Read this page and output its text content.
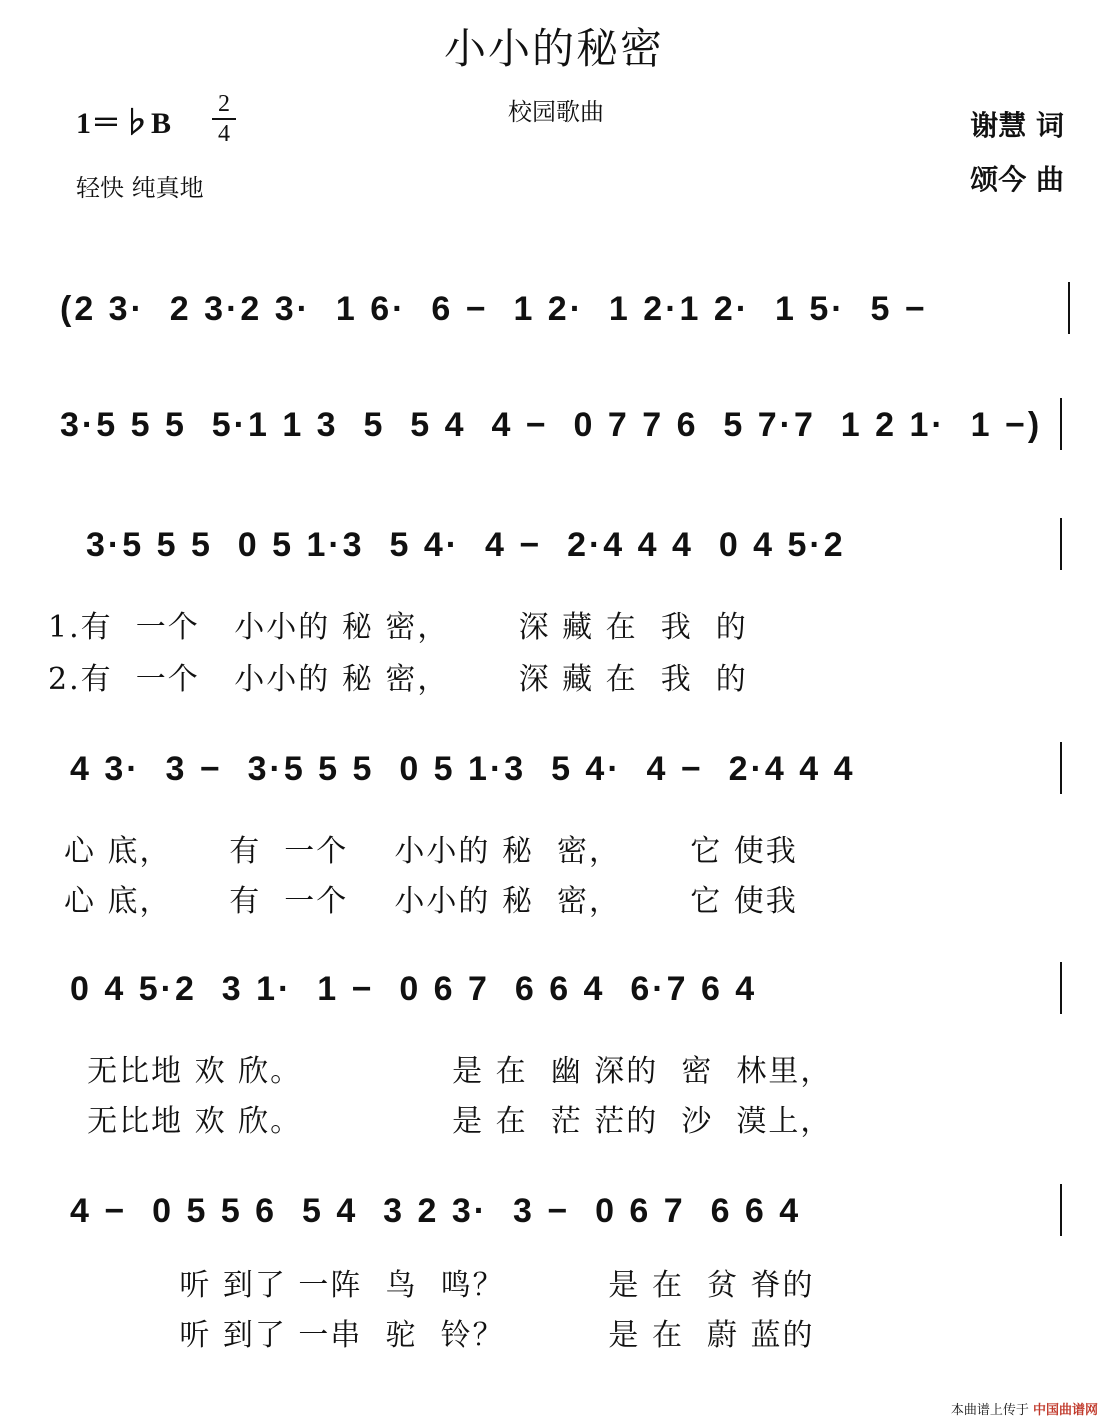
小小的秘密
校园歌曲
1＝♭B
2
4
轻快 纯真地
谢慧 词
颂今 曲
(2 3·  2 3·2 3·  1 6·  6 −  1 2·  1 2·1 2·  1 5·  5 −
3·5 5 5  5·1 1 3  5  5 4  4 −  0 7 7 6  5 7·7  1 2 1·  1 −)
3·5 5 5  0 5 1·3  5 4·  4 −  2·4 4 4  0 4 5·2
1.有  一个   小小的 秘 密，      深 藏 在  我  的
2.有  一个   小小的 秘 密，      深 藏 在  我  的
4 3·  3 −  3·5 5 5  0 5 1·3  5 4·  4 −  2·4 4 4
心 底，     有  一个    小小的 秘  密，      它 使我
心 底，     有  一个    小小的 秘  密，      它 使我
0 4 5·2  3 1·  1 −  0 6 7  6 6 4  6·7 6 4
无比地 欢 欣。             是 在  幽 深的  密  林里，
无比地 欢 欣。             是 在  茫 茫的  沙  漠上，
4 −  0 5 5 6  5 4  3 2 3·  3 −  0 6 7  6 6 4
听 到了 一阵  鸟  鸣？         是 在  贫 脊的
听 到了 一串  驼  铃？         是 在  蔚 蓝的
本曲谱上传于 中国曲谱网
